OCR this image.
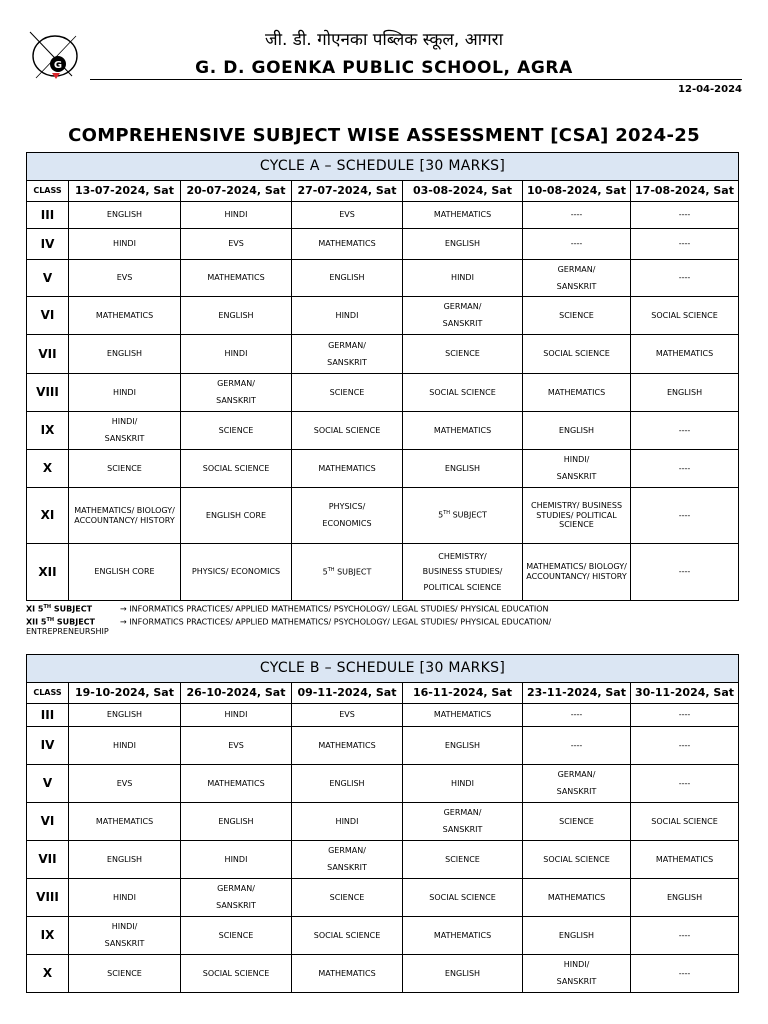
G
जी. डी. गोएनका पब्लिक स्कूल, आगरा
G. D. GOENKA PUBLIC SCHOOL, AGRA
12-04-2024
COMPREHENSIVE SUBJECT WISE ASSESSMENT [CSA] 2024-25
CYCLE A – SCHEDULE [30 MARKS]						
CLASS	13-07-2024, Sat	20-07-2024, Sat	27-07-2024, Sat	03-08-2024, Sat	10-08-2024, Sat	17-08-2024, Sat
III	ENGLISH	HINDI	EVS	MATHEMATICS	----	----

IV	HINDI	EVS	MATHEMATICS	ENGLISH	----	----

V	EVS	MATHEMATICS	ENGLISH	HINDI	GERMAN/
SANSKRIT	----

VI	MATHEMATICS	ENGLISH	HINDI	GERMAN/
SANSKRIT	SCIENCE	SOCIAL SCIENCE

VII	ENGLISH	HINDI	GERMAN/
SANSKRIT	SCIENCE	SOCIAL SCIENCE	MATHEMATICS

VIII	HINDI	GERMAN/
SANSKRIT	SCIENCE	SOCIAL SCIENCE	MATHEMATICS	ENGLISH

IX	HINDI/
SANSKRIT	SCIENCE	SOCIAL SCIENCE	MATHEMATICS	ENGLISH	----

X	SCIENCE	SOCIAL SCIENCE	MATHEMATICS	ENGLISH	HINDI/
SANSKRIT	----

XI	MATHEMATICS/ BIOLOGY/ ACCOUNTANCY/ HISTORY	ENGLISH CORE	PHYSICS/
ECONOMICS	5TH SUBJECT	CHEMISTRY/ BUSINESS STUDIES/ POLITICAL SCIENCE	----

XII	ENGLISH CORE	PHYSICS/ ECONOMICS	5TH SUBJECT	CHEMISTRY/
BUSINESS STUDIES/
POLITICAL SCIENCE	MATHEMATICS/ BIOLOGY/ ACCOUNTANCY/ HISTORY	----
XI 5TH SUBJECT	→ INFORMATICS PRACTICES/ APPLIED MATHEMATICS/ PSYCHOLOGY/ LEGAL STUDIES/ PHYSICAL EDUCATION
XII 5TH SUBJECT	→ INFORMATICS PRACTICES/ APPLIED MATHEMATICS/ PSYCHOLOGY/ LEGAL STUDIES/ PHYSICAL EDUCATION/
ENTREPRENEURSHIP
CYCLE B – SCHEDULE [30 MARKS]						
CLASS	19-10-2024, Sat	26-10-2024, Sat	09-11-2024, Sat	16-11-2024, Sat	23-11-2024, Sat	30-11-2024, Sat
III	ENGLISH	HINDI	EVS	MATHEMATICS	----	----

IV	HINDI	EVS	MATHEMATICS	ENGLISH	----	----

V	EVS	MATHEMATICS	ENGLISH	HINDI	GERMAN/
SANSKRIT	----

VI	MATHEMATICS	ENGLISH	HINDI	GERMAN/
SANSKRIT	SCIENCE	SOCIAL SCIENCE

VII	ENGLISH	HINDI	GERMAN/
SANSKRIT	SCIENCE	SOCIAL SCIENCE	MATHEMATICS

VIII	HINDI	GERMAN/
SANSKRIT	SCIENCE	SOCIAL SCIENCE	MATHEMATICS	ENGLISH

IX	HINDI/
SANSKRIT	SCIENCE	SOCIAL SCIENCE	MATHEMATICS	ENGLISH	----

X	SCIENCE	SOCIAL SCIENCE	MATHEMATICS	ENGLISH	HINDI/
SANSKRIT	----
